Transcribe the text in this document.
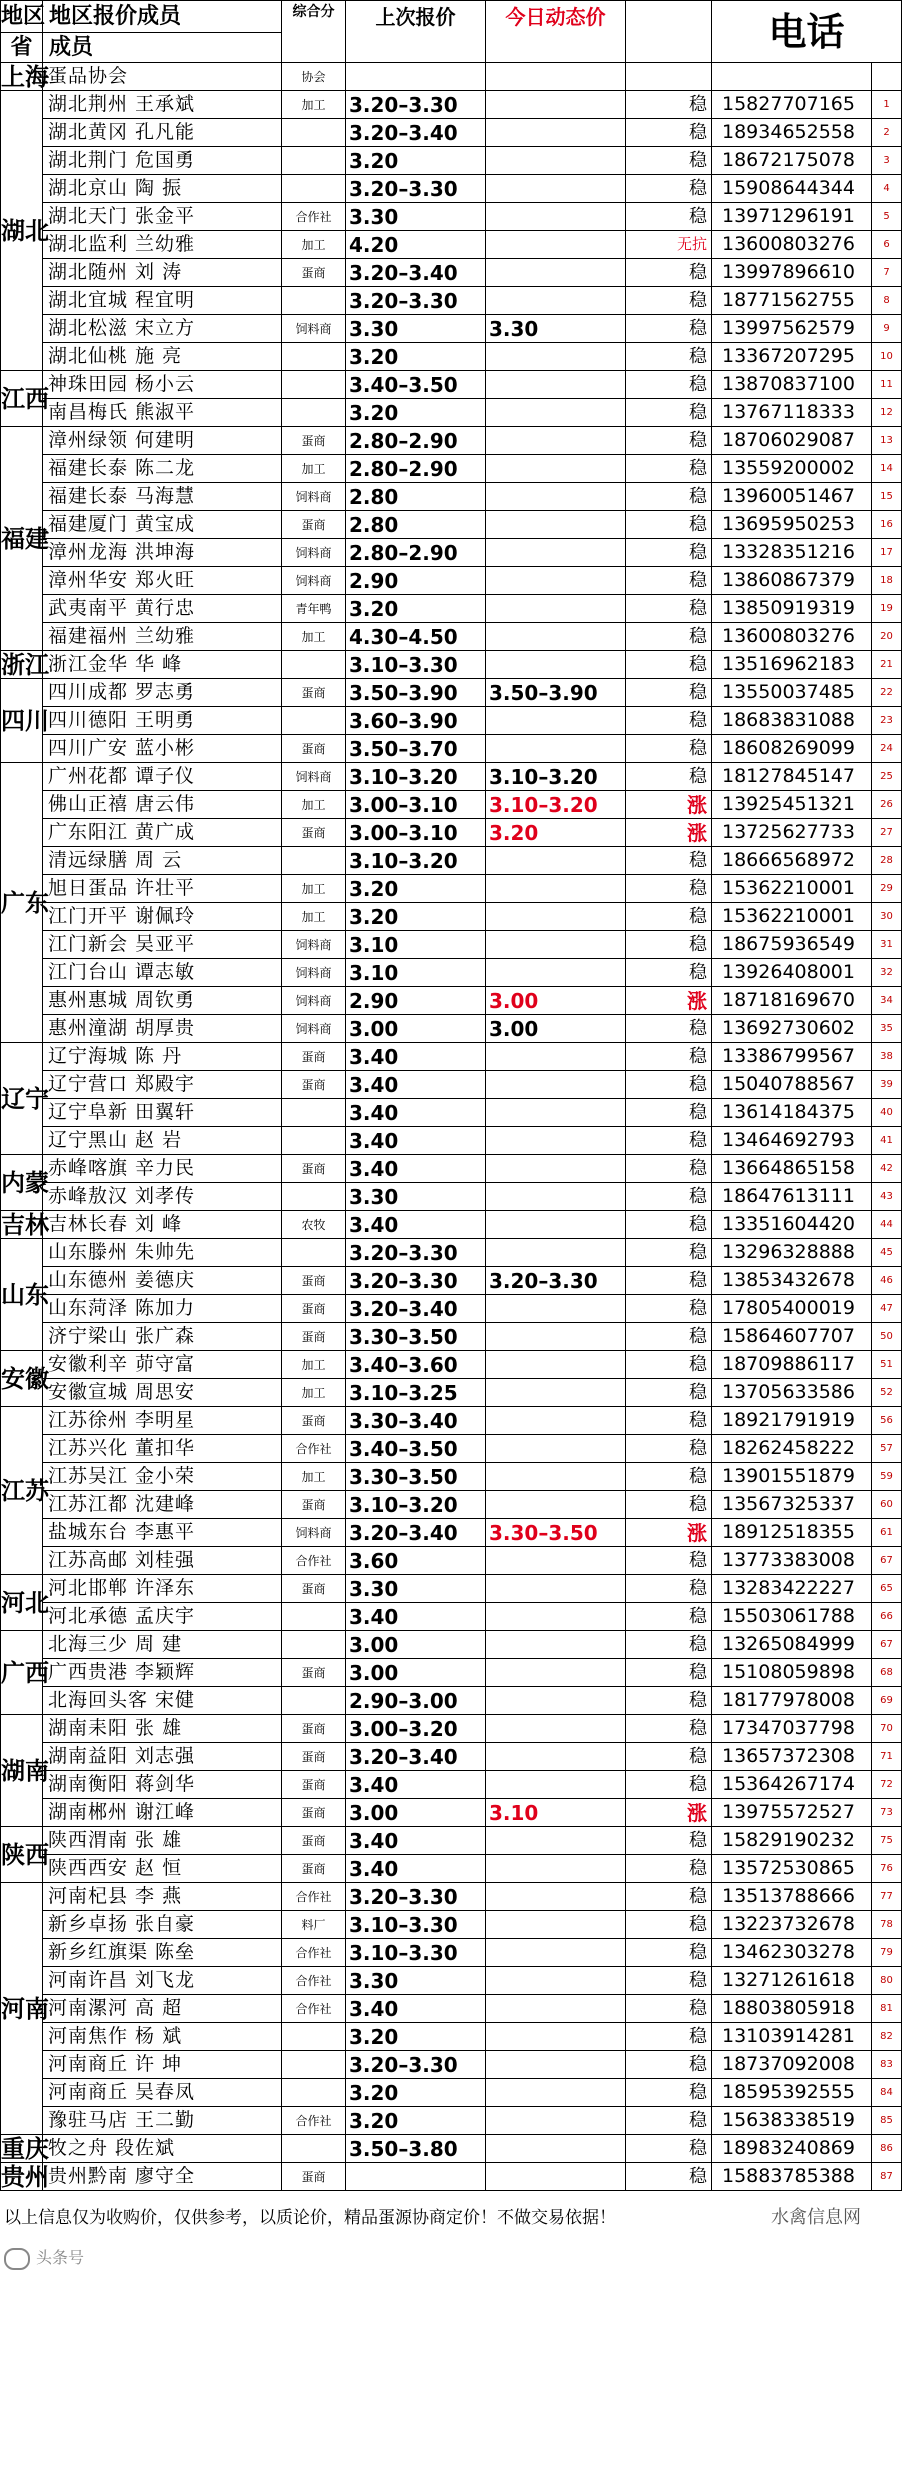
地区	地区报价成员	综合分	上次报价	今日动态价		电话	
省	成员						
上海	蛋品协会	协会					
湖北	湖北荆州 王承斌	加工	3.20–3.30		稳	15827707165	1
	湖北黄冈 孔凡能		3.20–3.40		稳	18934652558	2
	湖北荆门 危国勇		3.20		稳	18672175078	3
	湖北京山 陶 振		3.20–3.30		稳	15908644344	4
	湖北天门 张金平	合作社	3.30		稳	13971296191	5
	湖北监利 兰幼雅	加工	4.20		无抗	13600803276	6
	湖北随州 刘 涛	蛋商	3.20–3.40		稳	13997896610	7
	湖北宜城 程宜明		3.20–3.30		稳	18771562755	8
	湖北松滋 宋立方	饲料商	3.30	3.30	稳	13997562579	9
	湖北仙桃 施 亮		3.20		稳	13367207295	10
江西	神珠田园 杨小云		3.40–3.50		稳	13870837100	11
	南昌梅氏 熊淑平		3.20		稳	13767118333	12
福建	漳州绿领 何建明	蛋商	2.80–2.90		稳	18706029087	13
	福建长泰 陈二龙	加工	2.80–2.90		稳	13559200002	14
	福建长泰 马海慧	饲料商	2.80		稳	13960051467	15
	福建厦门 黄宝成	蛋商	2.80		稳	13695950253	16
	漳州龙海 洪坤海	饲料商	2.80–2.90		稳	13328351216	17
	漳州华安 郑火旺	饲料商	2.90		稳	13860867379	18
	武夷南平 黄行忠	青年鸭	3.20		稳	13850919319	19
	福建福州 兰幼雅	加工	4.30–4.50		稳	13600803276	20
浙江	浙江金华 华 峰		3.10–3.30		稳	13516962183	21
四川	四川成都 罗志勇	蛋商	3.50–3.90	3.50–3.90	稳	13550037485	22
	四川德阳 王明勇		3.60–3.90		稳	18683831088	23
	四川广安 蓝小彬	蛋商	3.50–3.70		稳	18608269099	24
广东	广州花都 谭子仪	饲料商	3.10–3.20	3.10–3.20	稳	18127845147	25
	佛山正禧 唐云伟	加工	3.00–3.10	3.10–3.20	涨	13925451321	26
	广东阳江 黄广成	蛋商	3.00–3.10	3.20	涨	13725627733	27
	清远绿膳 周 云		3.10–3.20		稳	18666568972	28
	旭日蛋品 许壮平	加工	3.20		稳	15362210001	29
	江门开平 谢佩玲	加工	3.20		稳	15362210001	30
	江门新会 吴亚平	饲料商	3.10		稳	18675936549	31
	江门台山 谭志敏	饲料商	3.10		稳	13926408001	32
	惠州惠城 周钦勇	饲料商	2.90	3.00	涨	18718169670	34
	惠州潼湖 胡厚贵	饲料商	3.00	3.00	稳	13692730602	35
辽宁	辽宁海城 陈 丹	蛋商	3.40		稳	13386799567	38
	辽宁营口 郑殿宇	蛋商	3.40		稳	15040788567	39
	辽宁阜新 田翼轩		3.40		稳	13614184375	40
	辽宁黑山 赵 岩		3.40		稳	13464692793	41
内蒙	赤峰喀旗 辛力民	蛋商	3.40		稳	13664865158	42
	赤峰敖汉 刘孝传		3.30		稳	18647613111	43
吉林	吉林长春 刘 峰	农牧	3.40		稳	13351604420	44
山东	山东滕州 朱帅先		3.20–3.30		稳	13296328888	45
	山东德州 姜德庆	蛋商	3.20–3.30	3.20–3.30	稳	13853432678	46
	山东菏泽 陈加力	蛋商	3.20–3.40		稳	17805400019	47
	济宁梁山 张广森	蛋商	3.30–3.50		稳	15864607707	50
安徽	安徽利辛 茆守富	加工	3.40–3.60		稳	18709886117	51
	安徽宣城 周思安	加工	3.10–3.25		稳	13705633586	52
江苏	江苏徐州 李明星	蛋商	3.30–3.40		稳	18921791919	56
	江苏兴化 董扣华	合作社	3.40–3.50		稳	18262458222	57
	江苏吴江 金小荣	加工	3.30–3.50		稳	13901551879	59
	江苏江都 沈建峰	蛋商	3.10–3.20		稳	13567325337	60
	盐城东台 李惠平	饲料商	3.20–3.40	3.30–3.50	涨	18912518355	61
	江苏高邮 刘桂强	合作社	3.60		稳	13773383008	67
河北	河北邯郸 许泽东	蛋商	3.30		稳	13283422227	65
	河北承德 孟庆宇		3.40		稳	15503061788	66
广西	北海三少 周 建		3.00		稳	13265084999	67
	广西贵港 李颖辉	蛋商	3.00		稳	15108059898	68
	北海回头客 宋健		2.90–3.00		稳	18177978008	69
湖南	湖南耒阳 张 雄	蛋商	3.00–3.20		稳	17347037798	70
	湖南益阳 刘志强	蛋商	3.20–3.40		稳	13657372308	71
	湖南衡阳 蒋剑华	蛋商	3.40		稳	15364267174	72
	湖南郴州 谢江峰	蛋商	3.00	3.10	涨	13975572527	73
陕西	陕西渭南 张 雄	蛋商	3.40		稳	15829190232	75
	陕西西安 赵 恒	蛋商	3.40		稳	13572530865	76
河南	河南杞县 李 燕	合作社	3.20–3.30		稳	13513788666	77
	新乡卓扬 张自豪	料厂	3.10–3.30		稳	13223732678	78
	新乡红旗渠 陈垒	合作社	3.10–3.30		稳	13462303278	79
	河南许昌 刘飞龙	合作社	3.30		稳	13271261618	80
	河南漯河 高 超	合作社	3.40		稳	18803805918	81
	河南焦作 杨 斌		3.20		稳	13103914281	82
	河南商丘 许 坤		3.20–3.30		稳	18737092008	83
	河南商丘 吴春凤		3.20		稳	18595392555	84
	豫驻马店 王二勤	合作社	3.20		稳	15638338519	85
重庆	牧之舟 段佐斌		3.50–3.80		稳	18983240869	86
贵州	贵州黔南 廖守全	蛋商			稳	15883785388	87
以上信息仅为收购价，仅供参考，以质论价，精品蛋源协商定价！不做交易依据！	水禽信息网
头条号
